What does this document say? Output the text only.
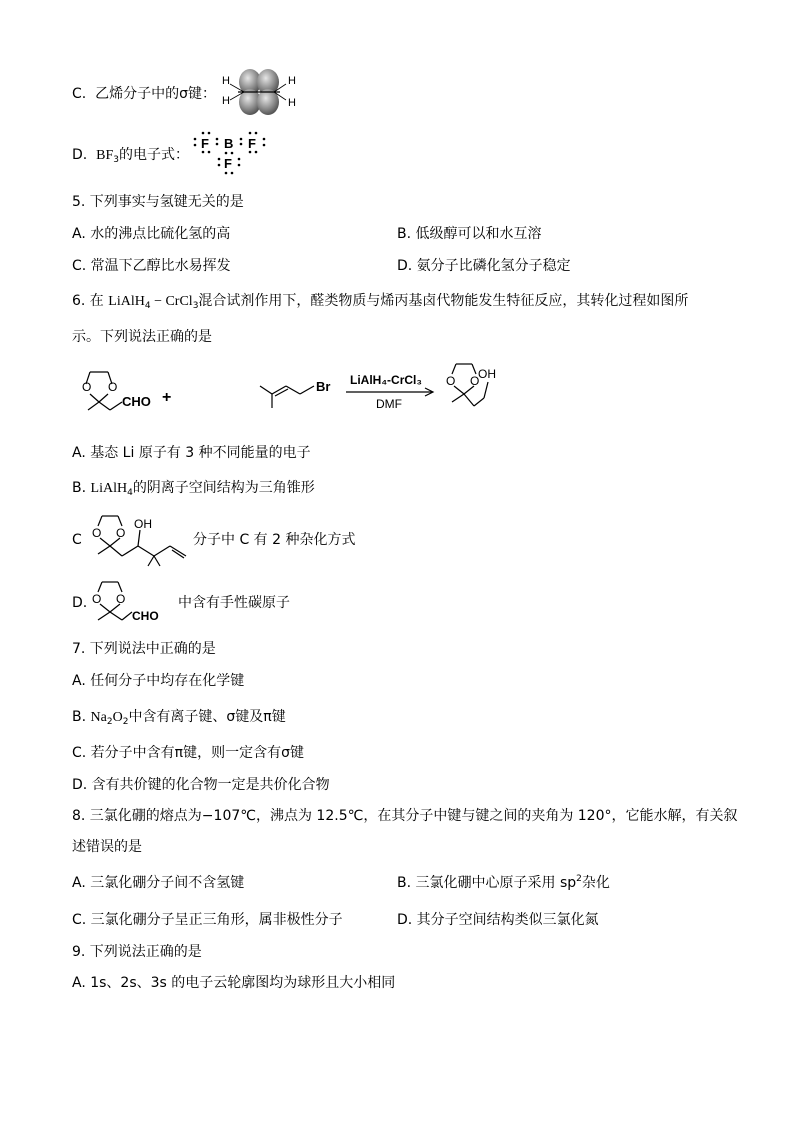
C. 乙烯分子中的σ键：
H
H
H
H
D. $BF_3$的电子式：
F B F
F
5. 下列事实与氢键无关的是
A. 水的沸点比硫化氢的高	B. 低级醇可以和水互溶
C. 常温下乙醇比水易挥发	D. 氨分子比磷化氢分子稳定
6. 在 LiAlH$_4$ − CrCl$_3$混合试剂作用下，醛类物质与烯丙基卤代物能发生特征反应，其转化过程如图所
示。下列说法正确的是
O O
CHO +
Br LiAlH₄-CrCl₃
DMF
O O
OH
A. 基态 Li 原子有 3 种不同能量的电子
B. LiAlH$_4$的阴离子空间结构为三角锥形
C O O
OH
分子中 C 有 2 种杂化方式
D. O O
CHO
中含有手性碳原子
7. 下列说法中正确的是
A. 任何分子中均存在化学键
B. $Na_2O_2$中含有离子键、σ键及π键
C. 若分子中含有π键，则一定含有σ键
D. 含有共价键的化合物一定是共价化合物
8. 三氯化硼的熔点为−107℃，沸点为 12.5℃，在其分子中键与键之间的夹角为 120°，它能水解，有关叙
述错误的是
A. 三氯化硼分子间不含氢键	B. 三氯化硼中心原子采用 $sp^2$杂化
C. 三氯化硼分子呈正三角形，属非极性分子	D. 其分子空间结构类似三氯化氮
9. 下列说法正确的是
A. 1s、2s、3s 的电子云轮廓图均为球形且大小相同
